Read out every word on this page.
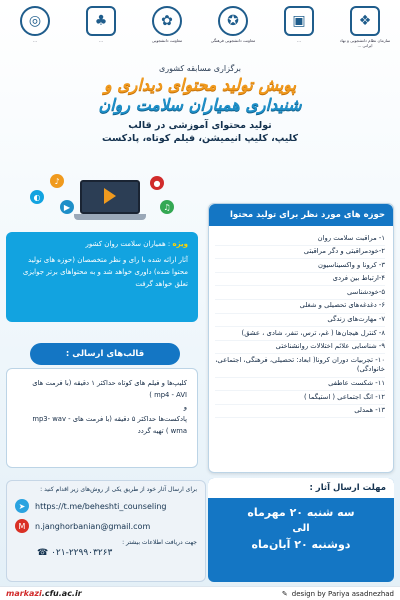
❖
سازمان نظام دانشجویی و نهاد ایرانی ...
▣
...
✪
معاونت دانشجویی فرهنگی
✿
معاونت دانشجویی
♣
...
◎
...
برگزاری مسابقه کشوری
پویش تولید محتوای دیداری و
شنیداری همیاران سلامت روان
تولید محتوای آموزشی در قالب
کلیپ، کلیپ انیمیشن، فیلم کوتاه، پادکست
♪
▶
●
♫
◐
حوزه های مورد نظر برای تولید محتوا
۱- مراقبت سلامت روان
۲-خودمراقبتی و دگر مراقبتی
۳- کرونا و واکسیناسیون
۴-ارتباط بین فردی
۵-خودشناسی
۶- دغدغه‌های تحصیلی و شغلی
۷- مهارت‌های زندگی
۸- کنترل هیجان‌ها ( غم، ترس، تنفر، شادی ، عشق)
۹- شناسایی علائم اختلالات روانشناختی
۱۰- تجربیات دوران کرونا( ابعاد: تحصیلی، فرهنگی، اجتماعی، خانوادگی)
۱۱- شکست عاطفی
۱۲- انگ اجتماعی ( استیگما )
۱۳- همدلی
مهلت ارسال آثار :
سه شنبه ۲۰ مهرماه
الی
دوشنبه ۲۰ آبان‌ماه
ویژه : همیاران سلامت روان کشور

آثار ارائه شده با رای و نظر متخصصان (حوزه های تولید محتوا شده) داوری خواهد شد و به محتواهای برتر جوایزی تعلق خواهد گرفت

قالب‌های ارسالی :

کلیپ‌ها و فیلم های کوتاه حداکثر ۱ دقیقه (با فرمت های mp4 - AVI )

و

پادکست‌ها حداکثر ۵ دقیقه (با فرمت های mp3- wav - wma ) تهیه گردد

برای ارسال آثار خود از طریق یکی از روش‌های زیر اقدام کنید :
➤	https://t.me/beheshti_counseling
M	n.janghorbanian@gmail.com
جهت دریافت اطلاعات بیشتر :
☎ ۰۲۱-۲۲۹۹۰۳۲۶۳
markazi.cfu.ac.ir	✎ design by Pariya asadnezhad
